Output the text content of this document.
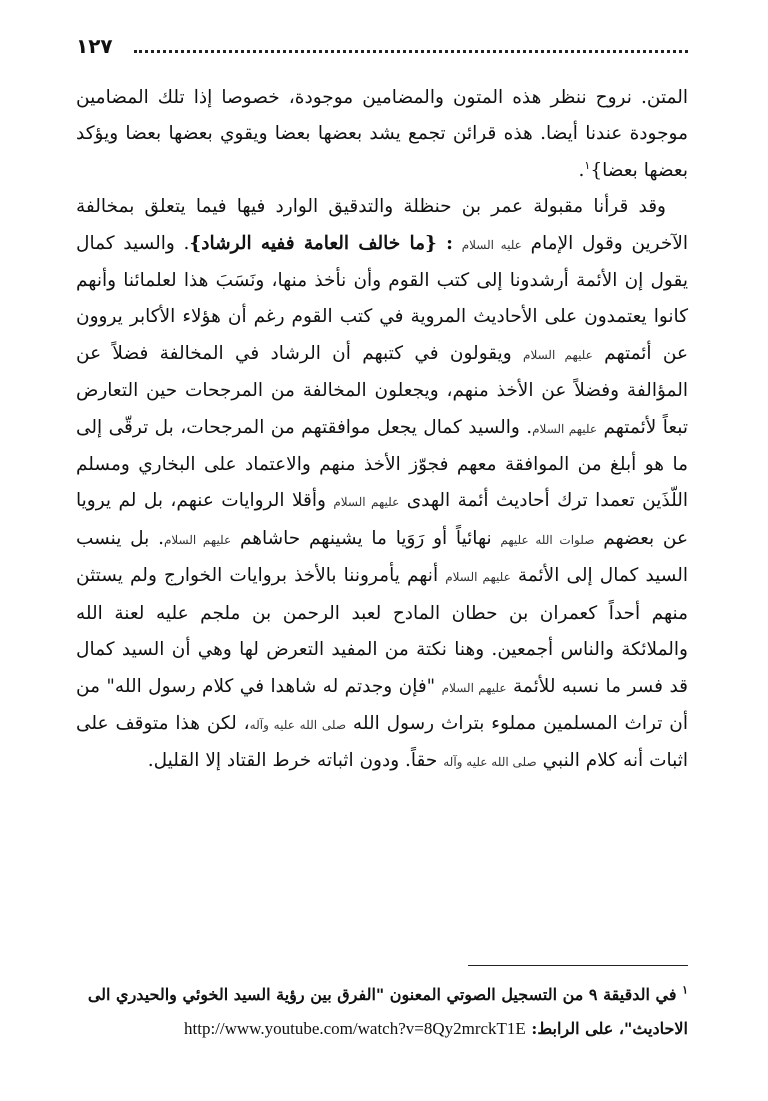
١٢٧

المتن. نروح ننظر هذه المتون والمضامين موجودة، خصوصا إذا تلك المضامين موجودة عندنا أيضا. هذه قرائن تجمع يشد بعضها بعضا ويقوي بعضها بعضا ويؤكد بعضها بعضا}$^١$.

وقد قرأنا مقبولة عمر بن حنظلة والتدقيق الوارد فيها فيما يتعلق بمخالفة الآخرين وقول الإمام عليه السلام : {ما خالف العامة ففيه الرشاد}. والسيد كمال يقول إن الأئمة أرشدونا إلى كتب القوم وأن نأخذ منها، ونَسَبَ هذا لعلمائنا وأنهم كانوا يعتمدون على الأحاديث المروية في كتب القوم رغم أن هؤلاء الأكابر يروون عن أئمتهم عليهم السلام ويقولون في كتبهم أن الرشاد في المخالفة فضلاً عن المؤالفة وفضلاً عن الأخذ منهم، ويجعلون المخالفة من المرجحات حين التعارض تبعاً لأئمتهم عليهم السلام. والسيد كمال يجعل موافقتهم من المرجحات، بل ترقّى إلى ما هو أبلغ من الموافقة معهم فجوّز الأخذ منهم والاعتماد على البخاري ومسلم اللّذَين تعمدا ترك أحاديث أئمة الهدى عليهم السلام وأقلا الروايات عنهم، بل لم يرويا عن بعضهم صلوات الله عليهم نهائياً أو رَوَيا ما يشينهم حاشاهم عليهم السلام. بل ينسب السيد كمال إلى الأئمة عليهم السلام أنهم يأمروننا بالأخذ بروايات الخوارج ولم يستثن منهم أحداً كعمران بن حطان المادح لعبد الرحمن بن ملجم عليه لعنة الله والملائكة والناس أجمعين. وهنا نكتة من المفيد التعرض لها وهي أن السيد كمال قد فسر ما نسبه للأئمة عليهم السلام "فإن وجدتم له شاهدا في كلام رسول الله" من أن تراث المسلمين مملوء بتراث رسول الله صلى الله عليه وآله، لكن هذا متوقف على اثبات أنه كلام النبي صلى الله عليه وآله حقاً. ودون اثباته خرط القتاد إلا القليل.

$^١$ في الدقيقة ٩ من التسجيل الصوتي المعنون "الفرق بين رؤية السيد الخوئي والحيدري الى الاحاديث"، على الرابط: http://www.youtube.com/watch?v=8Qy2mrckT1E
